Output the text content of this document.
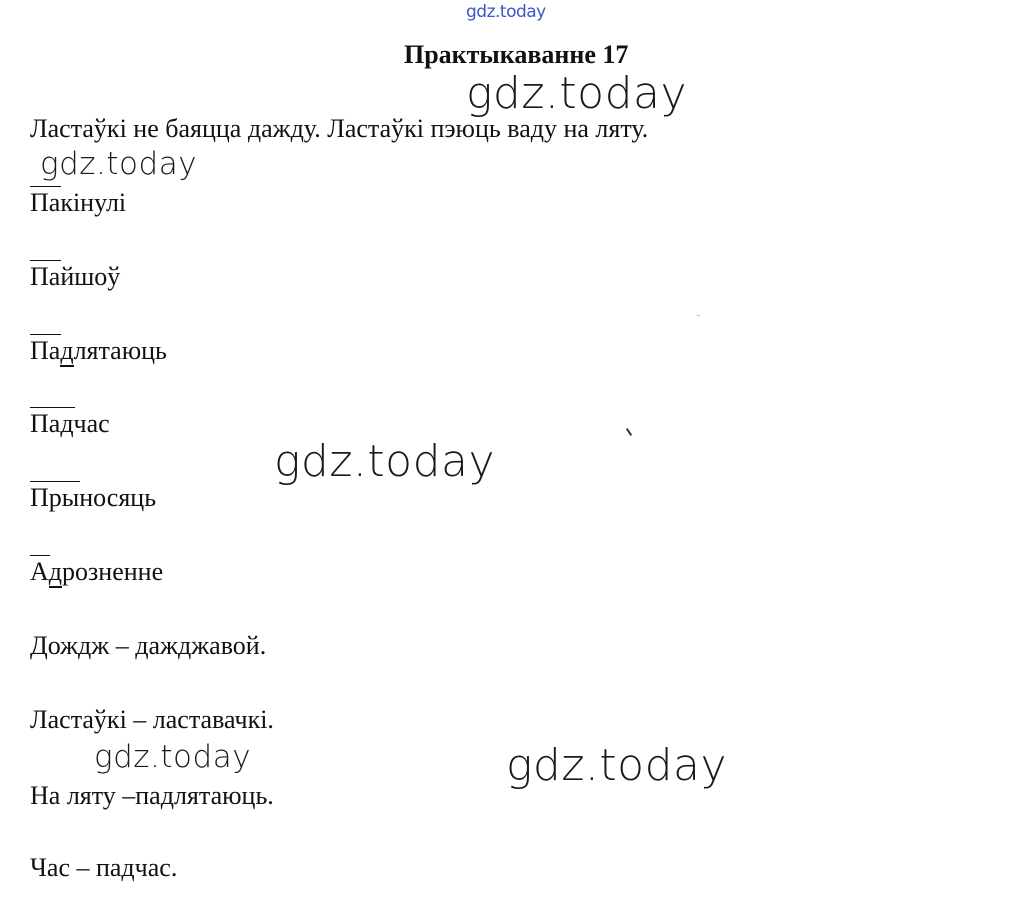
gdz.today
Практыкаванне 17
gdz.today
Ластаўкі не баяцца дажду. Ластаўкі пэюць ваду на ляту.
gdz.today
Пакінулі
Пайшоў
Падлятаюць
Падчас
gdz.today
Прыносяць
Адрозненне
Дождж – дажджавой.
Ластаўкі – ластавачкі.
gdz.today	gdz.today
На ляту –падлятаюць.
Час – падчас.
